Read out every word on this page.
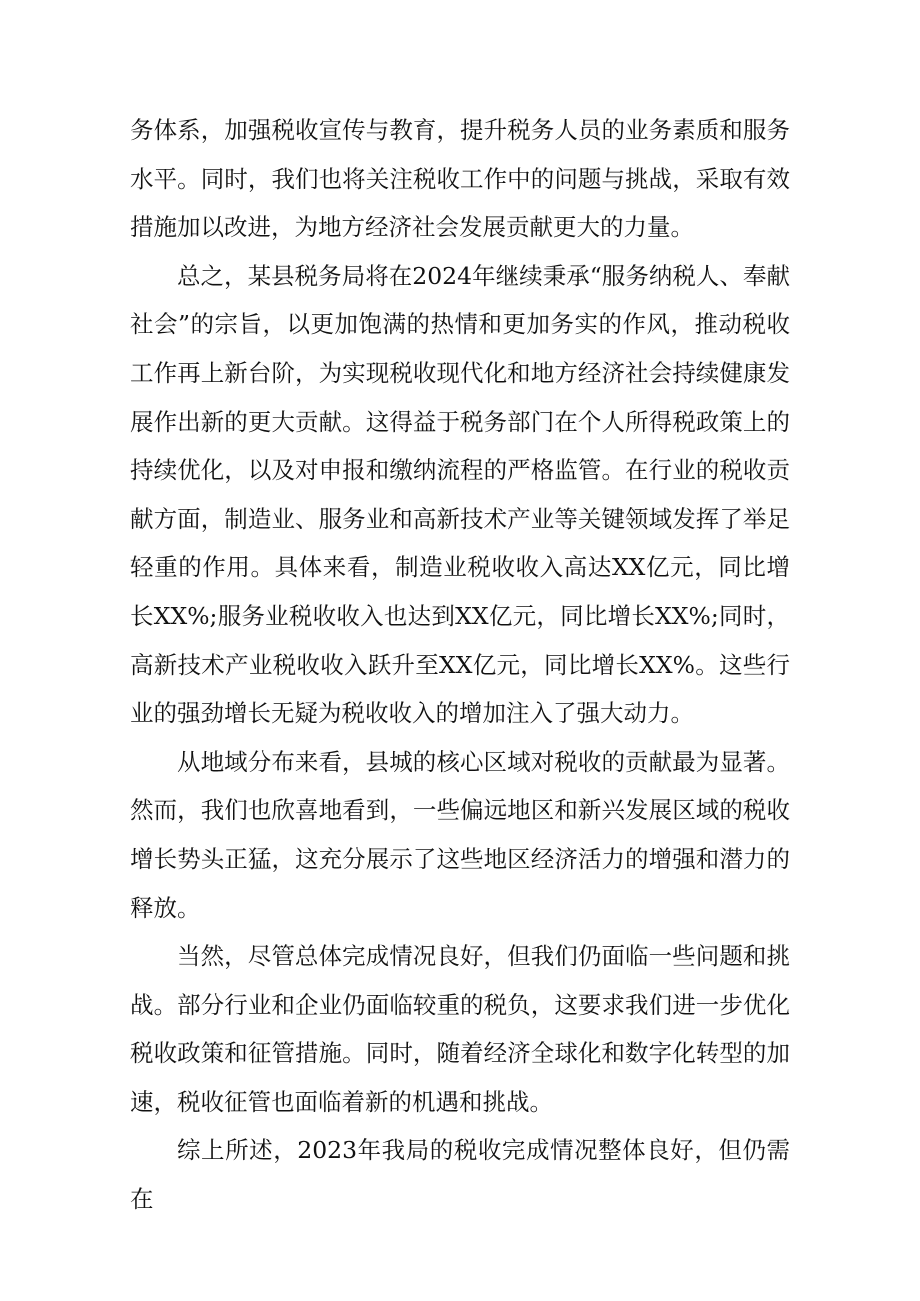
务体系，加强税收宣传与教育，提升税务人员的业务素质和服务水平。同时，我们也将关注税收工作中的问题与挑战，采取有效措施加以改进，为地方经济社会发展贡献更大的力量。

总之，某县税务局将在2024年继续秉承“服务纳税人、奉献社会”的宗旨，以更加饱满的热情和更加务实的作风，推动税收工作再上新台阶，为实现税收现代化和地方经济社会持续健康发展作出新的更大贡献。这得益于税务部门在个人所得税政策上的持续优化，以及对申报和缴纳流程的严格监管。在行业的税收贡献方面，制造业、服务业和高新技术产业等关键领域发挥了举足轻重的作用。具体来看，制造业税收收入高达XX亿元，同比增长XX%;服务业税收收入也达到XX亿元，同比增长XX%;同时，高新技术产业税收收入跃升至XX亿元，同比增长XX%。这些行业的强劲增长无疑为税收收入的增加注入了强大动力。

从地域分布来看，县城的核心区域对税收的贡献最为显著。然而，我们也欣喜地看到，一些偏远地区和新兴发展区域的税收增长势头正猛，这充分展示了这些地区经济活力的增强和潜力的释放。

当然，尽管总体完成情况良好，但我们仍面临一些问题和挑战。部分行业和企业仍面临较重的税负，这要求我们进一步优化税收政策和征管措施。同时，随着经济全球化和数字化转型的加速，税收征管也面临着新的机遇和挑战。

综上所述，2023年我局的税收完成情况整体良好，但仍需在
